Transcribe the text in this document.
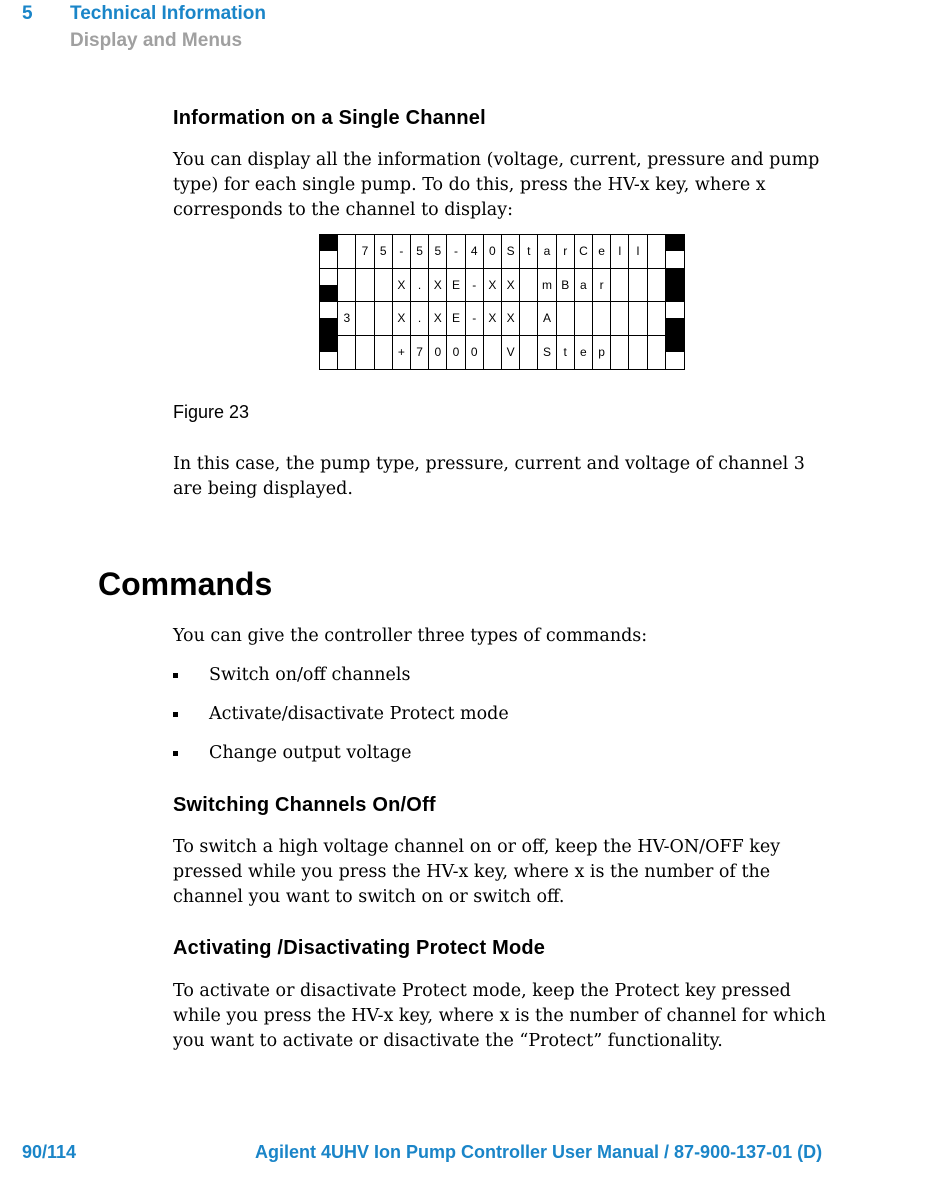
5 Technical Information
Display and Menus
Information on a Single Channel

You can display all the information (voltage, current, pressure and pump type) for each single pump. To do this, press the HV-x key, where x corresponds to the channel to display:

7 5 - 5 5 - 4 0 S t a r C e l l
X . X E - X X m B a r
3	X . X E - X X A
+ 7 0 0 0 V S t e p
Figure 23

In this case, the pump type, pressure, current and voltage of channel 3 are being displayed.

Commands

You can give the controller three types of commands:

Switch on/off channels
Activate/disactivate Protect mode
Change output voltage
Switching Channels On/Off

To switch a high voltage channel on or off, keep the HV-ON/OFF key pressed while you press the HV-x key, where x is the number of the channel you want to switch on or switch off.

Activating /Disactivating Protect Mode

To activate or disactivate Protect mode, keep the Protect key pressed while you press the HV-x key, where x is the number of channel for which you want to activate or disactivate the “Protect” functionality.

90/114	Agilent 4UHV Ion Pump Controller User Manual / 87-900-137-01 (D)
